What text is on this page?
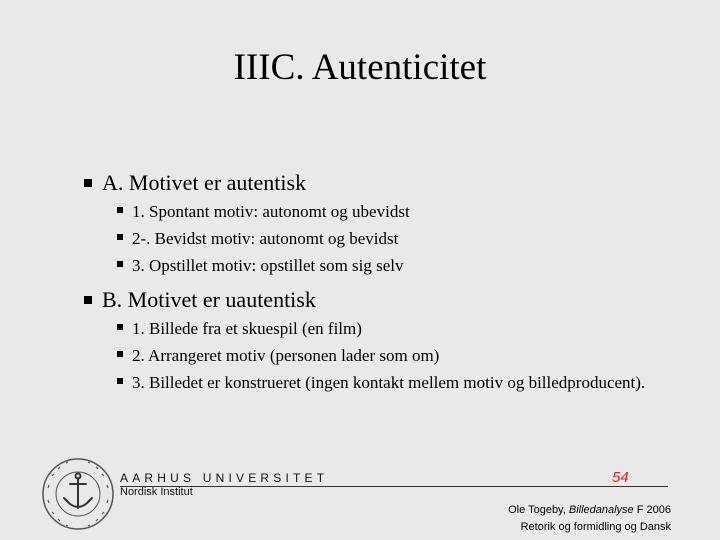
IIIC. Autenticitet
A. Motivet er autentisk
1. Spontant motiv: autonomt og ubevidst
2-. Bevidst motiv: autonomt og bevidst
3. Opstillet motiv: opstillet som sig selv
B. Motivet er uautentisk
1. Billede fra et skuespil (en film)
2. Arrangeret motiv (personen lader som om)
3. Billedet er konstrueret (ingen kontakt mellem motiv og billedproducent).
AARHUS UNIVERSITET
Nordisk Institut
54
Ole Togeby, Billedanalyse F 2006
Retorik og formidling og Dansk
